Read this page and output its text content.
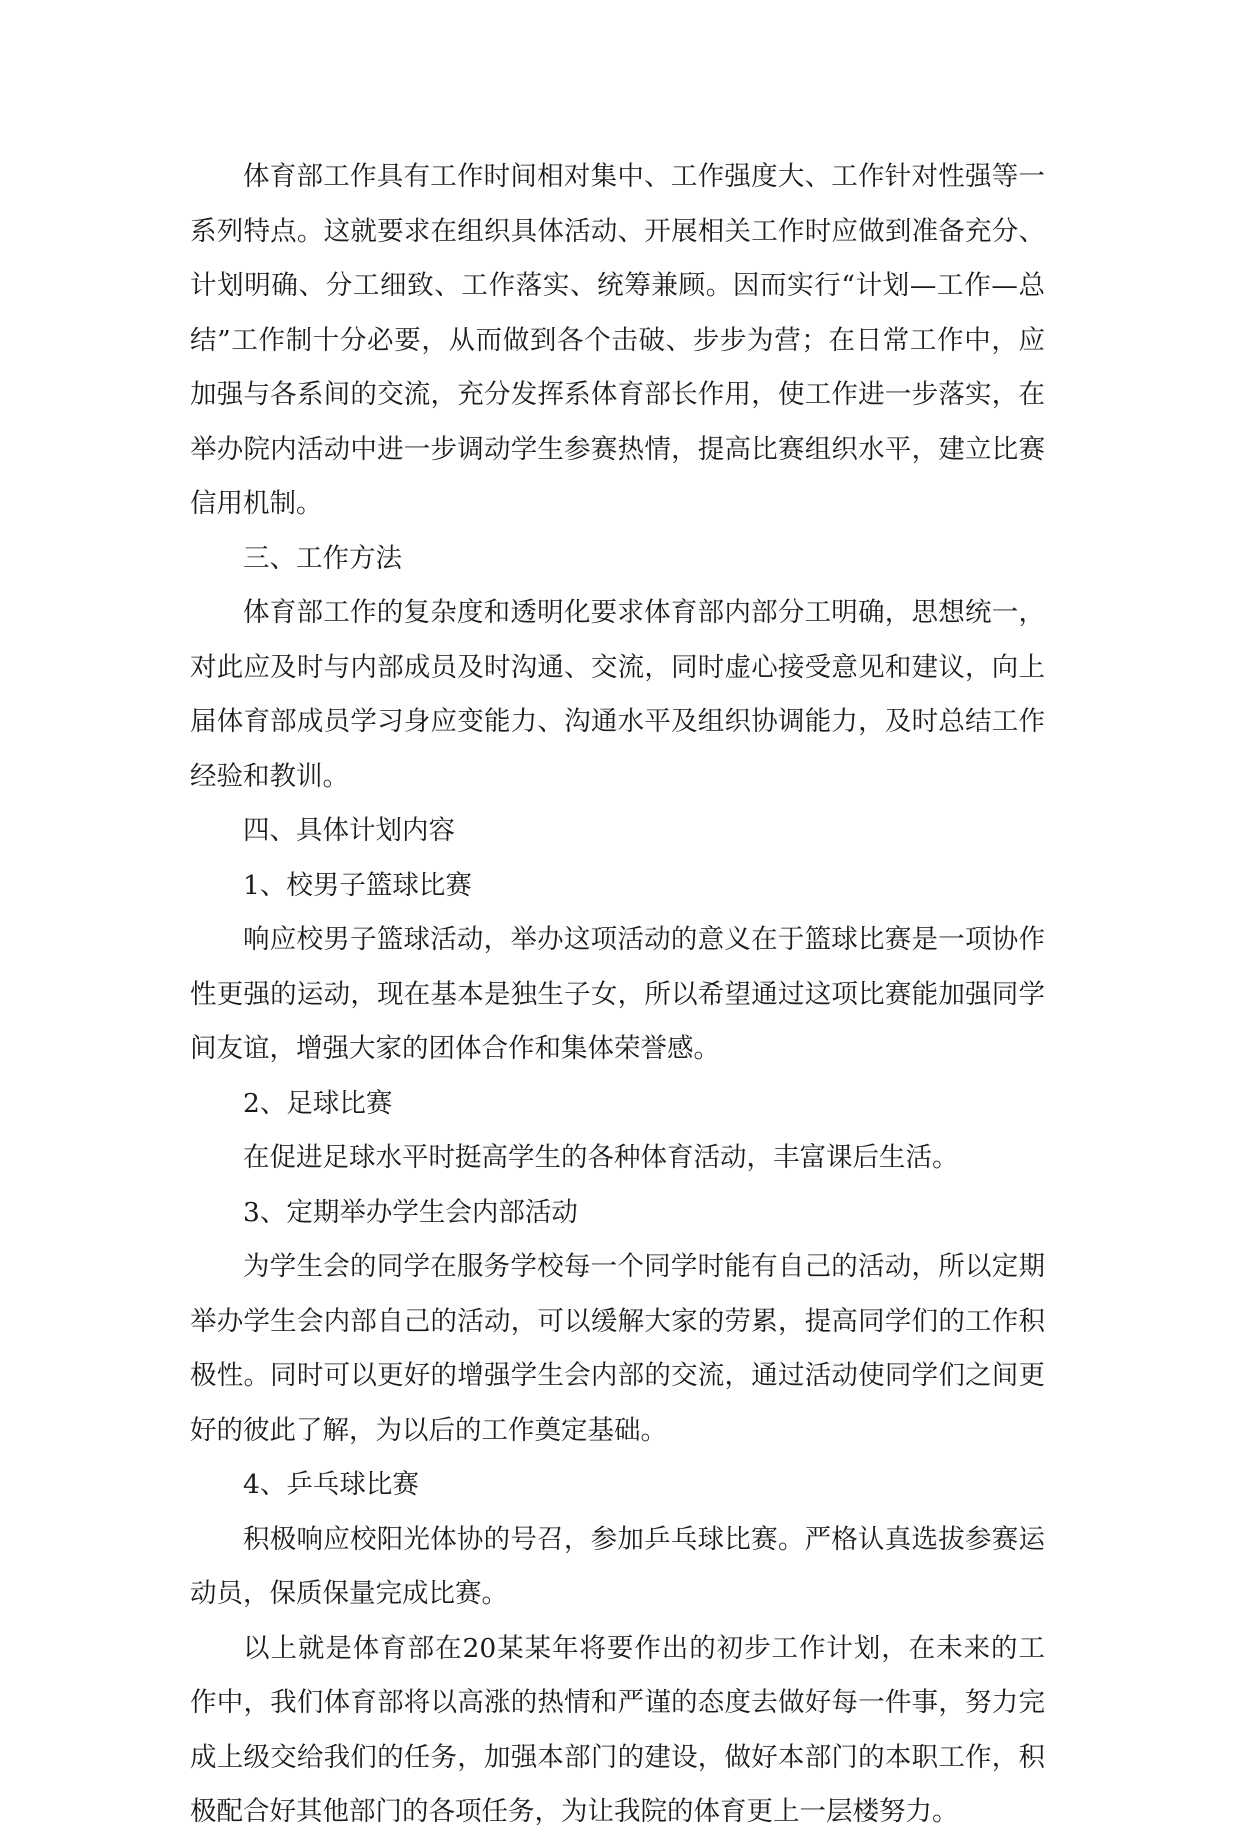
体育部工作具有工作时间相对集中、工作强度大、工作针对性强等一系列特点。这就要求在组织具体活动、开展相关工作时应做到准备充分、计划明确、分工细致、工作落实、统筹兼顾。因而实行“计划—工作—总结”工作制十分必要，从而做到各个击破、步步为营；在日常工作中，应加强与各系间的交流，充分发挥系体育部长作用，使工作进一步落实，在举办院内活动中进一步调动学生参赛热情，提高比赛组织水平，建立比赛信用机制。

三、工作方法

体育部工作的复杂度和透明化要求体育部内部分工明确，思想统一，对此应及时与内部成员及时沟通、交流，同时虚心接受意见和建议，向上届体育部成员学习身应变能力、沟通水平及组织协调能力，及时总结工作经验和教训。

四、具体计划内容

1、校男子篮球比赛

响应校男子篮球活动，举办这项活动的意义在于篮球比赛是一项协作性更强的运动，现在基本是独生子女，所以希望通过这项比赛能加强同学间友谊，增强大家的团体合作和集体荣誉感。

2、足球比赛

在促进足球水平时挺高学生的各种体育活动，丰富课后生活。

3、定期举办学生会内部活动

为学生会的同学在服务学校每一个同学时能有自己的活动，所以定期举办学生会内部自己的活动，可以缓解大家的劳累，提高同学们的工作积极性。同时可以更好的增强学生会内部的交流，通过活动使同学们之间更好的彼此了解，为以后的工作奠定基础。

4、乒乓球比赛

积极响应校阳光体协的号召，参加乒乓球比赛。严格认真选拔参赛运动员，保质保量完成比赛。

以上就是体育部在20某某年将要作出的初步工作计划，在未来的工作中，我们体育部将以高涨的热情和严谨的态度去做好每一件事，努力完成上级交给我们的任务，加强本部门的建设，做好本部门的本职工作，积极配合好其他部门的各项任务，为让我院的体育更上一层楼努力。
